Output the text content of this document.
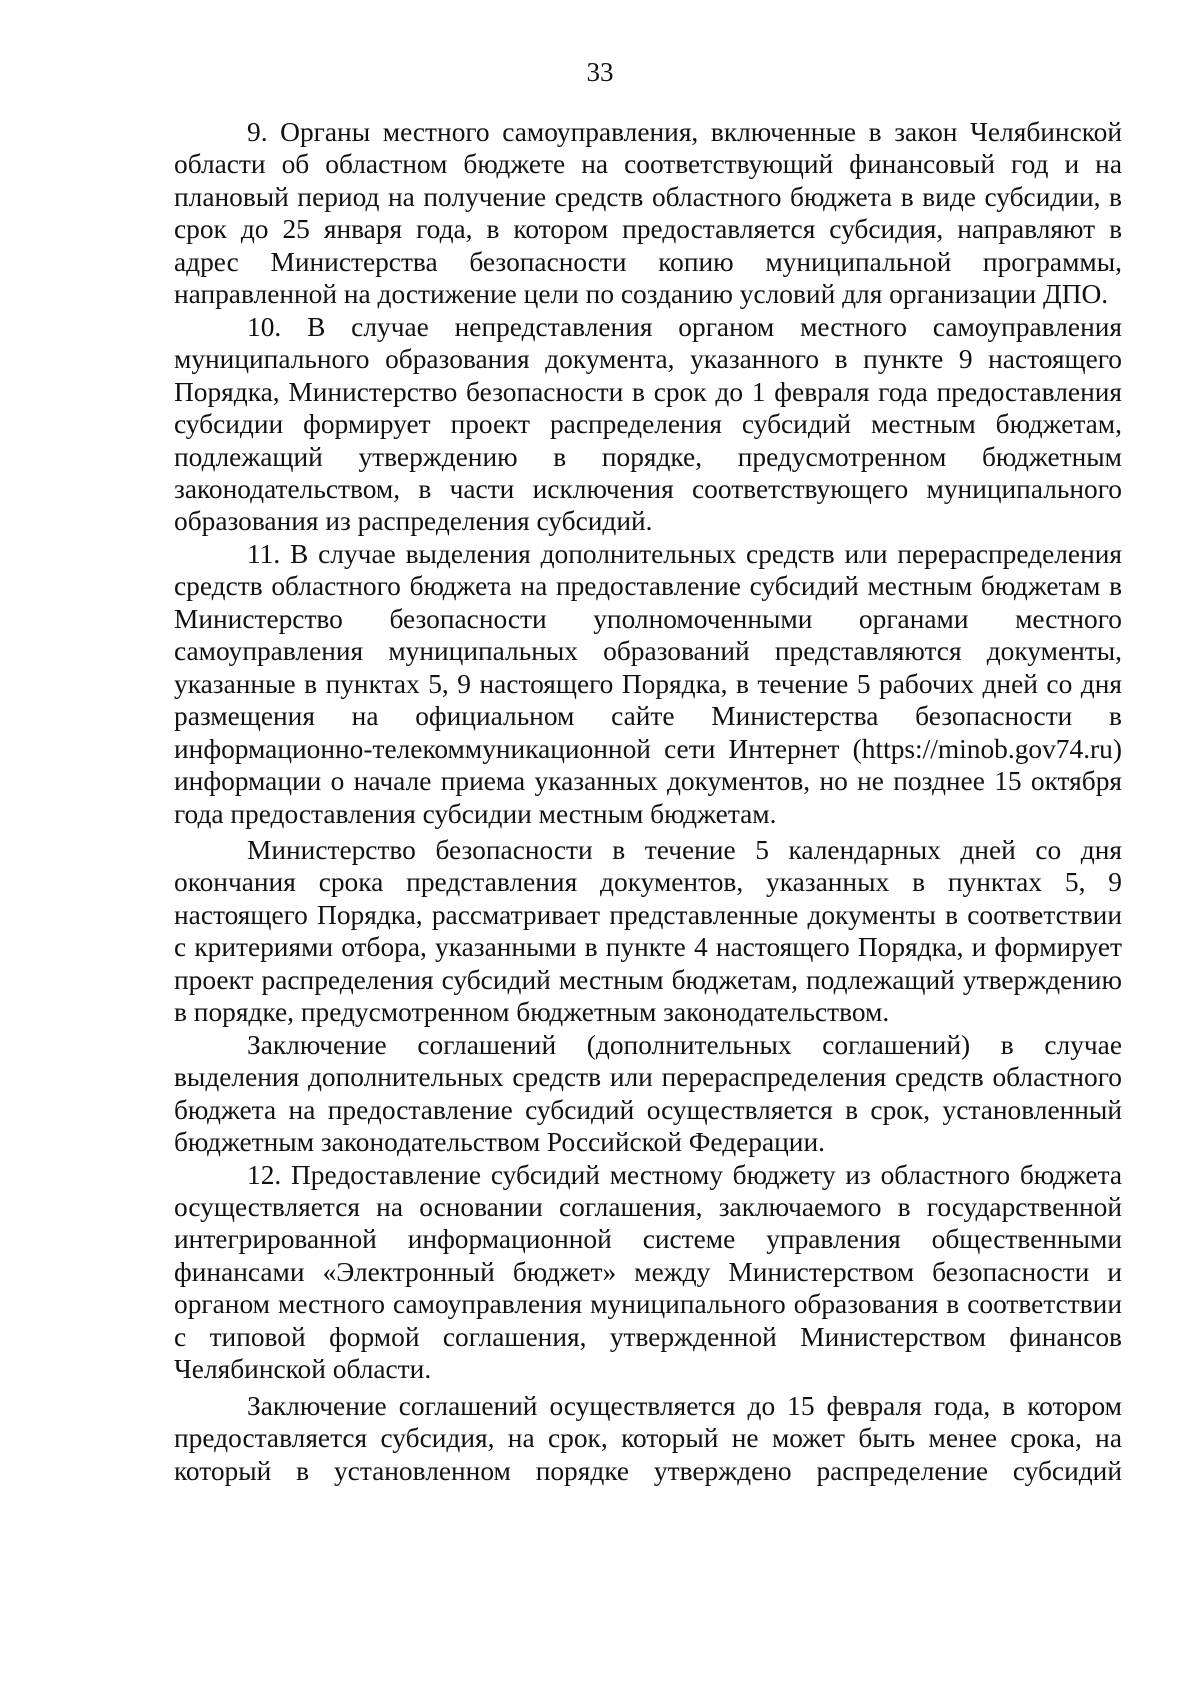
33

9. Органы местного самоуправления, включенные в закон Челябинской области об областном бюджете на соответствующий финансовый год и на плановый период на получение средств областного бюджета в виде субсидии, в срок до 25 января года, в котором предоставляется субсидия, направляют в адрес Министерства безопасности копию муниципальной программы, направленной на достижение цели по созданию условий для организации ДПО.

10. В случае непредставления органом местного самоуправления муниципального образования документа, указанного в пункте 9 настоящего Порядка, Министерство безопасности в срок до 1 февраля года предоставления субсидии формирует проект распределения субсидий местным бюджетам, подлежащий утверждению в порядке, предусмотренном бюджетным законодательством, в части исключения соответствующего муниципального образования из распределения субсидий.

11. В случае выделения дополнительных средств или перераспределения средств областного бюджета на предоставление субсидий местным бюджетам в Министерство безопасности уполномоченными органами местного самоуправления муниципальных образований представляются документы, указанные в пунктах 5, 9 настоящего Порядка, в течение 5 рабочих дней со дня размещения на официальном сайте Министерства безопасности в информационно-телекоммуникационной сети Интернет (https://minob.gov74.ru) информации о начале приема указанных документов, но не позднее 15 октября года предоставления субсидии местным бюджетам.

Министерство безопасности в течение 5 календарных дней со дня окончания срока представления документов, указанных в пунктах 5, 9 настоящего Порядка, рассматривает представленные документы в соответствии с критериями отбора, указанными в пункте 4 настоящего Порядка, и формирует проект распределения субсидий местным бюджетам, подлежащий утверждению в порядке, предусмотренном бюджетным законодательством.

Заключение соглашений (дополнительных соглашений) в случае выделения дополнительных средств или перераспределения средств областного бюджета на предоставление субсидий осуществляется в срок, установленный бюджетным законодательством Российской Федерации.

12. Предоставление субсидий местному бюджету из областного бюджета осуществляется на основании соглашения, заключаемого в государственной интегрированной информационной системе управления общественными финансами «Электронный бюджет» между Министерством безопасности и органом местного самоуправления муниципального образования в соответствии с типовой формой соглашения, утвержденной Министерством финансов Челябинской области.

Заключение соглашений осуществляется до 15 февраля года, в котором предоставляется субсидия, на срок, который не может быть менее срока, на который в установленном порядке утверждено распределение субсидий
